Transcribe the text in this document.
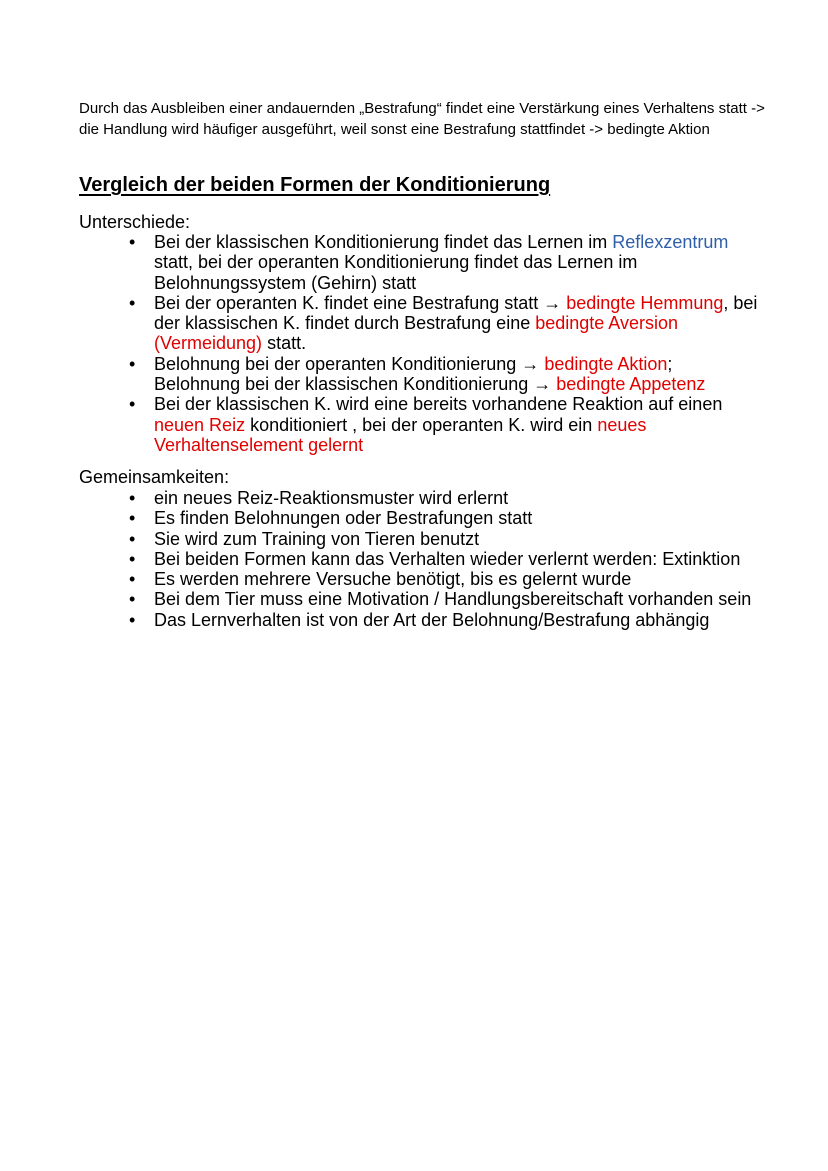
Durch das Ausbleiben einer andauernden „Bestrafung“ findet eine Verstärkung eines Verhaltens statt -> die Handlung wird häufiger ausgeführt, weil sonst eine Bestrafung stattfindet -> bedingte Aktion

Vergleich der beiden Formen der Konditionierung

Unterschiede:

• Bei der klassischen Konditionierung findet das Lernen im Reflexzentrum statt, bei der operanten Konditionierung findet das Lernen im Belohnungssystem (Gehirn) statt
• Bei der operanten K. findet eine Bestrafung statt → bedingte Hemmung, bei der klassischen K. findet durch Bestrafung eine bedingte Aversion (Vermeidung) statt.
• Belohnung bei der operanten Konditionierung → bedingte Aktion;
Belohnung bei der klassischen Konditionierung → bedingte Appetenz
• Bei der klassischen K. wird eine bereits vorhandene Reaktion auf einen neuen Reiz konditioniert , bei der operanten K. wird ein neues Verhaltenselement gelernt

Gemeinsamkeiten:

• ein neues Reiz-Reaktionsmuster wird erlernt
• Es finden Belohnungen oder Bestrafungen statt
• Sie wird zum Training von Tieren benutzt
• Bei beiden Formen kann das Verhalten wieder verlernt werden: Extinktion
• Es werden mehrere Versuche benötigt, bis es gelernt wurde
• Bei dem Tier muss eine Motivation / Handlungsbereitschaft vorhanden sein
• Das Lernverhalten ist von der Art der Belohnung/Bestrafung abhängig
